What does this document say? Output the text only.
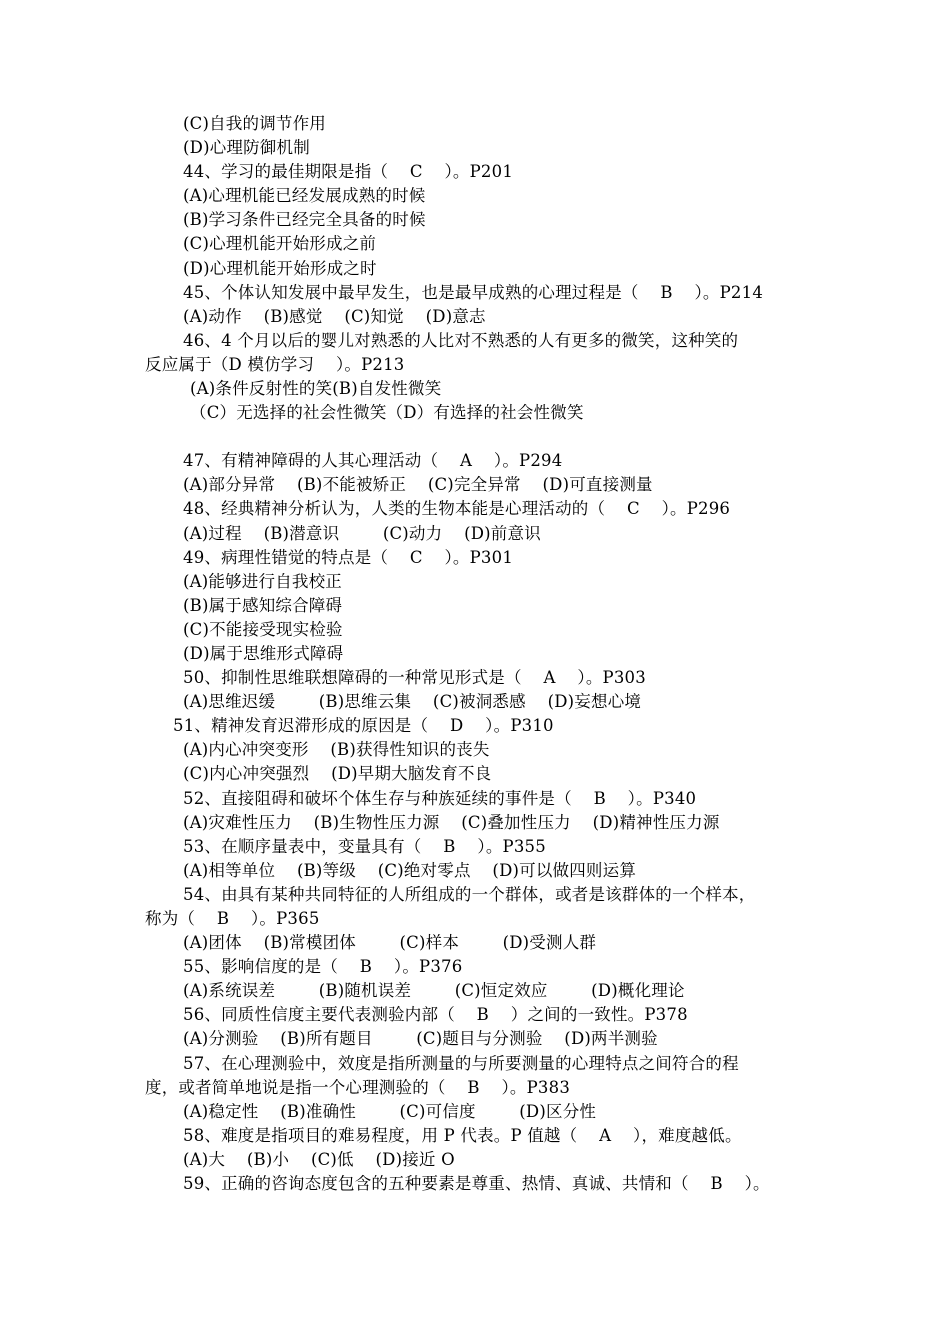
(C)自我的调节作用
(D)心理防御机制
44、学习的最佳期限是指（    C    ）。P201
(A)心理机能已经发展成熟的时候
(B)学习条件已经完全具备的时候
(C)心理机能开始形成之前
(D)心理机能开始形成之时
45、个体认知发展中最早发生，也是最早成熟的心理过程是（    B    ）。P214
(A)动作    (B)感觉    (C)知觉    (D)意志
46、4 个月以后的婴儿对熟悉的人比对不熟悉的人有更多的微笑，这种笑的
反应属于（D 模仿学习    ）。P213
(A)条件反射性的笑(B)自发性微笑
（C）无选择的社会性微笑（D）有选择的社会性微笑
47、有精神障碍的人其心理活动（    A    ）。P294
(A)部分异常    (B)不能被矫正    (C)完全异常    (D)可直接测量
48、经典精神分析认为，人类的生物本能是心理活动的（    C    ）。P296
(A)过程    (B)潜意识        (C)动力    (D)前意识
49、病理性错觉的特点是（    C    ）。P301
(A)能够进行自我校正
(B)属于感知综合障碍
(C)不能接受现实检验
(D)属于思维形式障碍
50、抑制性思维联想障碍的一种常见形式是（    A    ）。P303
(A)思维迟缓        (B)思维云集    (C)被洞悉感    (D)妄想心境
51、精神发育迟滞形成的原因是（    D    ）。P310
(A)内心冲突变形    (B)获得性知识的丧失
(C)内心冲突强烈    (D)早期大脑发育不良
52、直接阻碍和破坏个体生存与种族延续的事件是（    B    ）。P340
(A)灾难性压力    (B)生物性压力源    (C)叠加性压力    (D)精神性压力源
53、在顺序量表中，变量具有（    B    ）。P355
(A)相等单位    (B)等级    (C)绝对零点    (D)可以做四则运算
54、由具有某种共同特征的人所组成的一个群体，或者是该群体的一个样本，
称为（    B    ）。P365
(A)团体    (B)常模团体        (C)样本        (D)受测人群
55、影响信度的是（    B    ）。P376
(A)系统误差        (B)随机误差        (C)恒定效应        (D)概化理论
56、同质性信度主要代表测验内部（    B    ）之间的一致性。P378
(A)分测验    (B)所有题目        (C)题目与分测验    (D)两半测验
57、在心理测验中，效度是指所测量的与所要测量的心理特点之间符合的程
度，或者简单地说是指一个心理测验的（    B    ）。P383
(A)稳定性    (B)准确性        (C)可信度        (D)区分性
58、难度是指项目的难易程度，用 P 代表。P 值越（    A    ），难度越低。
(A)大    (B)小    (C)低    (D)接近 O
59、正确的咨询态度包含的五种要素是尊重、热情、真诚、共情和（    B    ）。
